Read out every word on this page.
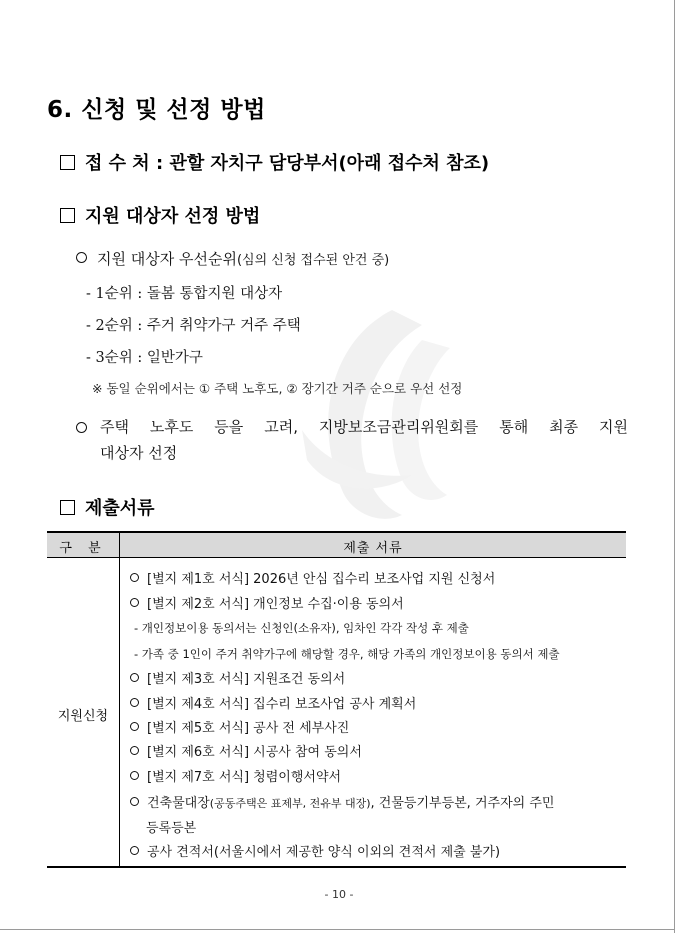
6. 신청 및 선정 방법
접 수 처 : 관할 자치구 담당부서(아래 접수처 참조)
지원 대상자 선정 방법
지원 대상자 우선순위(심의 신청 접수된 안건 중)
- 1순위 : 돌봄 통합지원 대상자
- 2순위 : 주거 취약가구 거주 주택
- 3순위 : 일반가구
※ 동일 순위에서는 ① 주택 노후도, ② 장기간 거주 순으로 우선 선정
주택 노후도 등을 고려, 지방보조금관리위원회를 통해 최종 지원
대상자 선정
제출서류
구 분	제출 서류
지원신청
[별지 제1호 서식] 2026년 안심 집수리 보조사업 지원 신청서
[별지 제2호 서식] 개인정보 수집·이용 동의서
- 개인정보이용 동의서는 신청인(소유자), 임차인 각각 작성 후 제출
- 가족 중 1인이 주거 취약가구에 해당할 경우, 해당 가족의 개인정보이용 동의서 제출
[별지 제3호 서식] 지원조건 동의서
[별지 제4호 서식] 집수리 보조사업 공사 계획서
[별지 제5호 서식] 공사 전 세부사진
[별지 제6호 서식] 시공사 참여 동의서
[별지 제7호 서식] 청렴이행서약서
건축물대장(공동주택은 표제부, 전유부 대장), 건물등기부등본, 거주자의 주민
등록등본
공사 견적서(서울시에서 제공한 양식 이외의 견적서 제출 불가)
- 10 -
